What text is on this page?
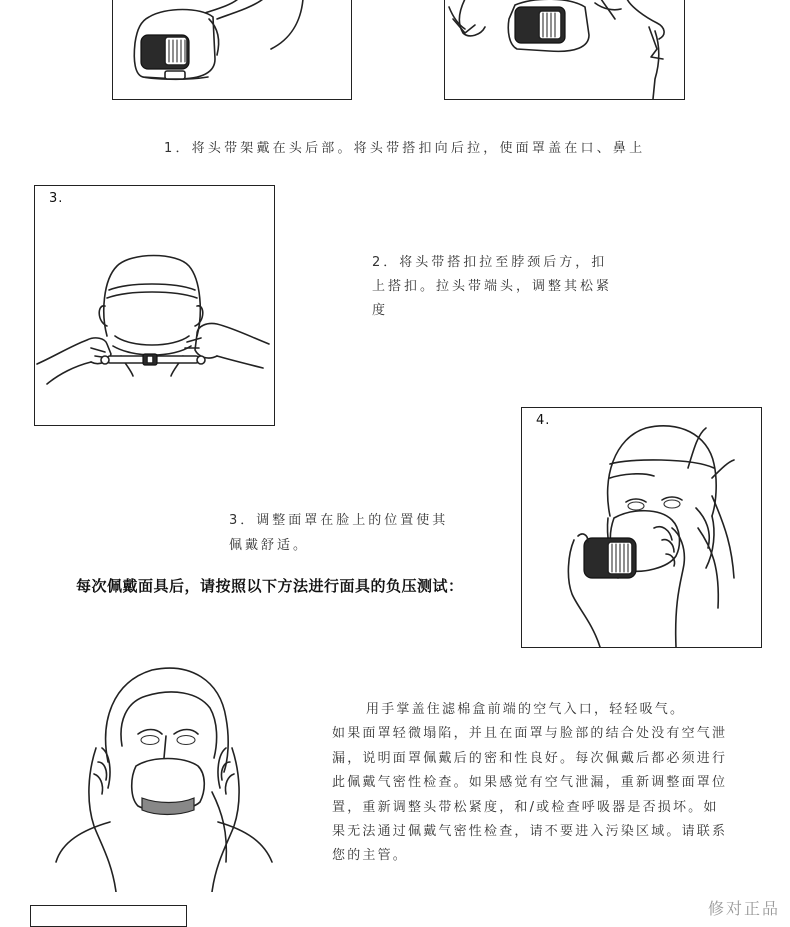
1．将头带架戴在头后部。将头带搭扣向后拉，使面罩盖在口、鼻上
3.
2．将头带搭扣拉至脖颈后方，扣
上搭扣。拉头带端头，调整其松紧
度
4.
3．调整面罩在脸上的位置使其
佩戴舒适。
每次佩戴面具后，请按照以下方法进行面具的负压测试：
用手掌盖住滤棉盒前端的空气入口，轻轻吸气。
如果面罩轻微塌陷，并且在面罩与脸部的结合处没有空气泄
漏，说明面罩佩戴后的密和性良好。每次佩戴后都必须进行
此佩戴气密性检查。如果感觉有空气泄漏，重新调整面罩位
置，重新调整头带松紧度，和/或检查呼吸器是否损坏。如
果无法通过佩戴气密性检查，请不要进入污染区域。请联系
您的主管。
修对正品
